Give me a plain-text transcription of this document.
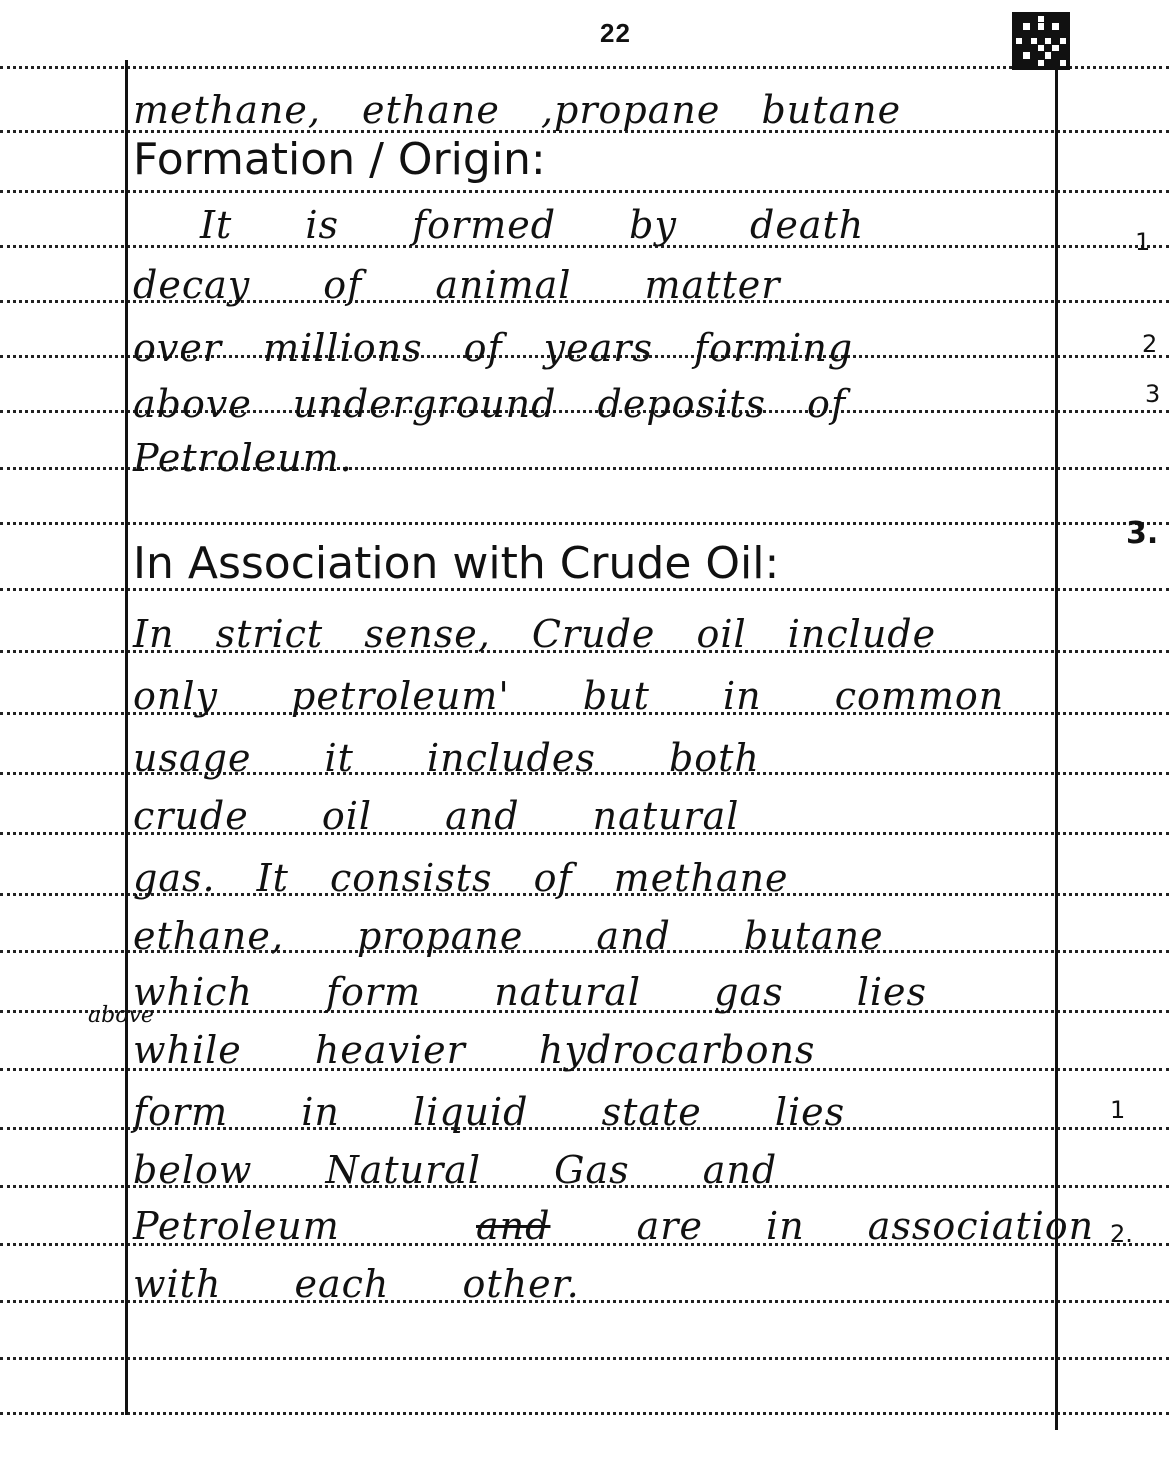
22
methane, ethane ,propane butane
Formation / Origin:
It is formed by death
decay of animal matter
over millions of years forming
above underground deposits of
Petroleum.
In Association with Crude Oil:
In strict sense, Crude oil include
only petroleum' but in common
usage it includes both
crude oil and natural
gas. It consists of methane
ethane, propane and butane
which form natural gas lies
above
while heavier hydrocarbons
form in liquid state lies
below Natural Gas and
Petroleum	and are in association
with each other.
1
2
3
3.
1
2.
